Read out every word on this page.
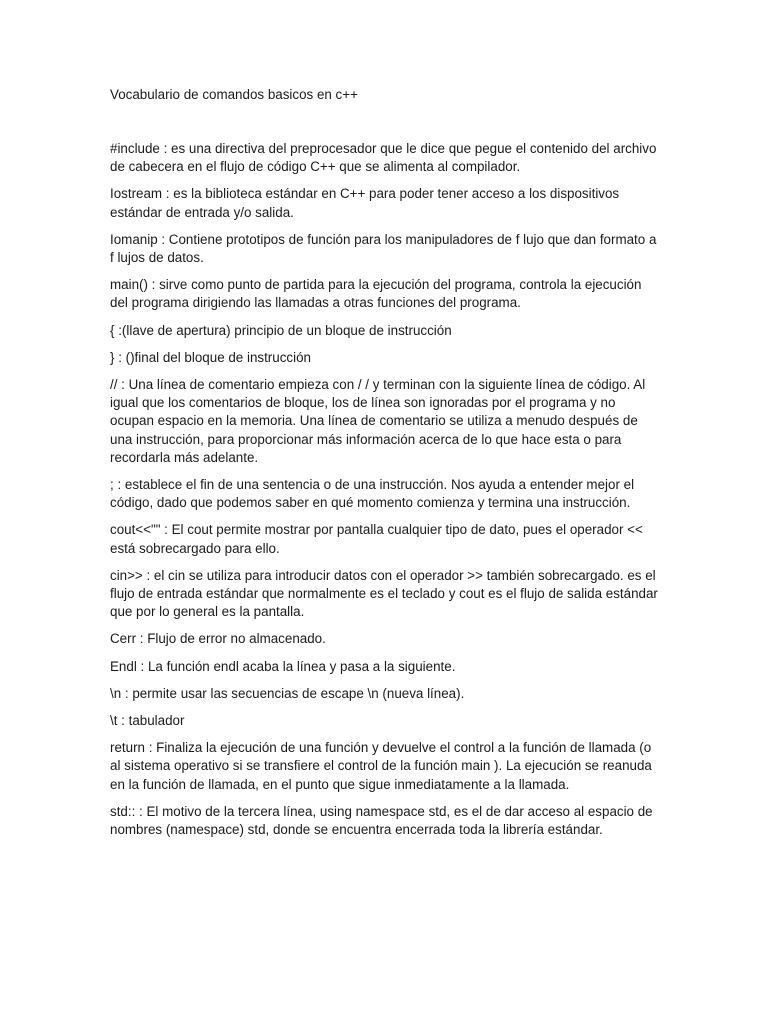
Vocabulario de comandos basicos en c++

#include : es una directiva del preprocesador que le dice que pegue el contenido del archivo de cabecera en el flujo de código C++ que se alimenta al compilador.

Iostream : es la biblioteca estándar en C++ para poder tener acceso a los dispositivos estándar de entrada y/o salida.

Iomanip : Contiene prototipos de función para los manipuladores de f lujo que dan formato a f lujos de datos.

main() : sirve como punto de partida para la ejecución del programa, controla la ejecución del programa dirigiendo las llamadas a otras funciones del programa.

{ :(llave de apertura) principio de un bloque de instrucción

} : ()final del bloque de instrucción

// : Una línea de comentario empieza con / / y terminan con la siguiente línea de código. Al igual que los comentarios de bloque, los de línea son ignoradas por el programa y no ocupan espacio en la memoria. Una línea de comentario se utiliza a menudo después de una instrucción, para proporcionar más información acerca de lo que hace esta o para recordarla más adelante.

; : establece el fin de una sentencia o de una instrucción. Nos ayuda a entender mejor el código, dado que podemos saber en qué momento comienza y termina una instrucción.

cout<<"" : El cout permite mostrar por pantalla cualquier tipo de dato, pues el operador << está sobrecargado para ello.

cin>> : el cin se utiliza para introducir datos con el operador >> también sobrecargado. es el flujo de entrada estándar que normalmente es el teclado y cout es el flujo de salida estándar que por lo general es la pantalla.

Cerr : Flujo de error no almacenado.

Endl : La función endl acaba la línea y pasa a la siguiente.

\n : permite usar las secuencias de escape \n (nueva línea).

\t : tabulador

return : Finaliza la ejecución de una función y devuelve el control a la función de llamada (o al sistema operativo si se transfiere el control de la función main ). La ejecución se reanuda en la función de llamada, en el punto que sigue inmediatamente a la llamada.

std:: : El motivo de la tercera línea, using namespace std, es el de dar acceso al espacio de nombres (namespace) std, donde se encuentra encerrada toda la librería estándar.
